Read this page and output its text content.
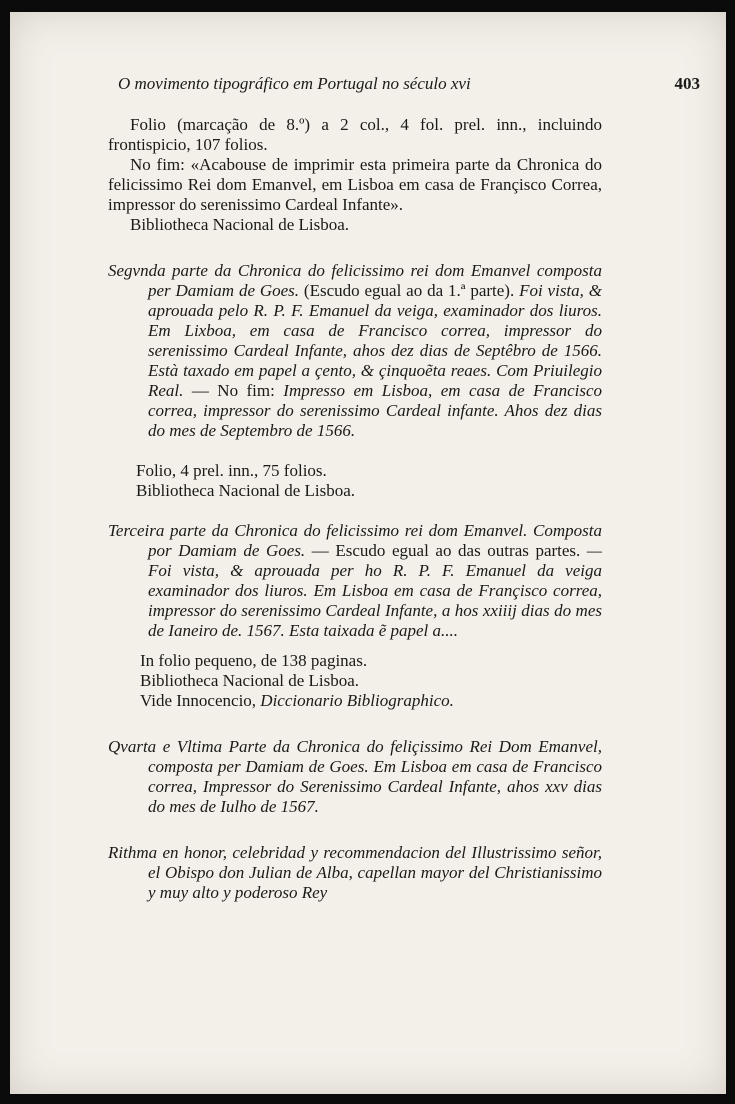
O movimento tipográfico em Portugal no século xvi	403

Folio (marcação de 8.º) a 2 col., 4 fol. prel. inn., incluindo frontispicio, 107 folios.

No fim: «Acabouse de imprimir esta primeira parte da Chronica do felicissimo Rei dom Emanvel, em Lisboa em casa de Françisco Correa, impressor do serenissimo Cardeal Infante».

Bibliotheca Nacional de Lisboa.

Segvnda parte da Chronica do felicissimo rei dom Emanvel composta per Damiam de Goes. (Escudo egual ao da 1.ª parte). Foi vista, & aprouada pelo R. P. F. Emanuel da veiga, examinador dos liuros. Em Lixboa, em casa de Francisco correa, impressor do serenissimo Cardeal Infante, ahos dez dias de Septêbro de 1566. Està taxado em papel a çento, & çinquoẽta reaes. Com Priuilegio Real. — No fim: Impresso em Lisboa, em casa de Francisco correa, impressor do serenissimo Cardeal infante. Ahos dez dias do mes de Septembro de 1566.

Folio, 4 prel. inn., 75 folios.

Bibliotheca Nacional de Lisboa.

Terceira parte da Chronica do felicissimo rei dom Emanvel. Composta por Damiam de Goes. — Escudo egual ao das outras partes. — Foi vista, & aprouada per ho R. P. F. Emanuel da veiga examinador dos liuros. Em Lisboa em casa de Françisco correa, impressor do serenissimo Cardeal Infante, a hos xxiiij dias do mes de Ianeiro de. 1567. Esta taixada ẽ papel a....

In folio pequeno, de 138 paginas.

Bibliotheca Nacional de Lisboa.

Vide Innocencio, Diccionario Bibliographico.

Qvarta e Vltima Parte da Chronica do feliçissimo Rei Dom Emanvel, composta per Damiam de Goes. Em Lisboa em casa de Francisco correa, Impressor do Serenissimo Cardeal Infante, ahos xxv dias do mes de Iulho de 1567.

Rithma en honor, celebridad y recommendacion del Illustrissimo señor, el Obispo don Julian de Alba, capellan mayor del Christianissimo y muy alto y poderoso Rey
